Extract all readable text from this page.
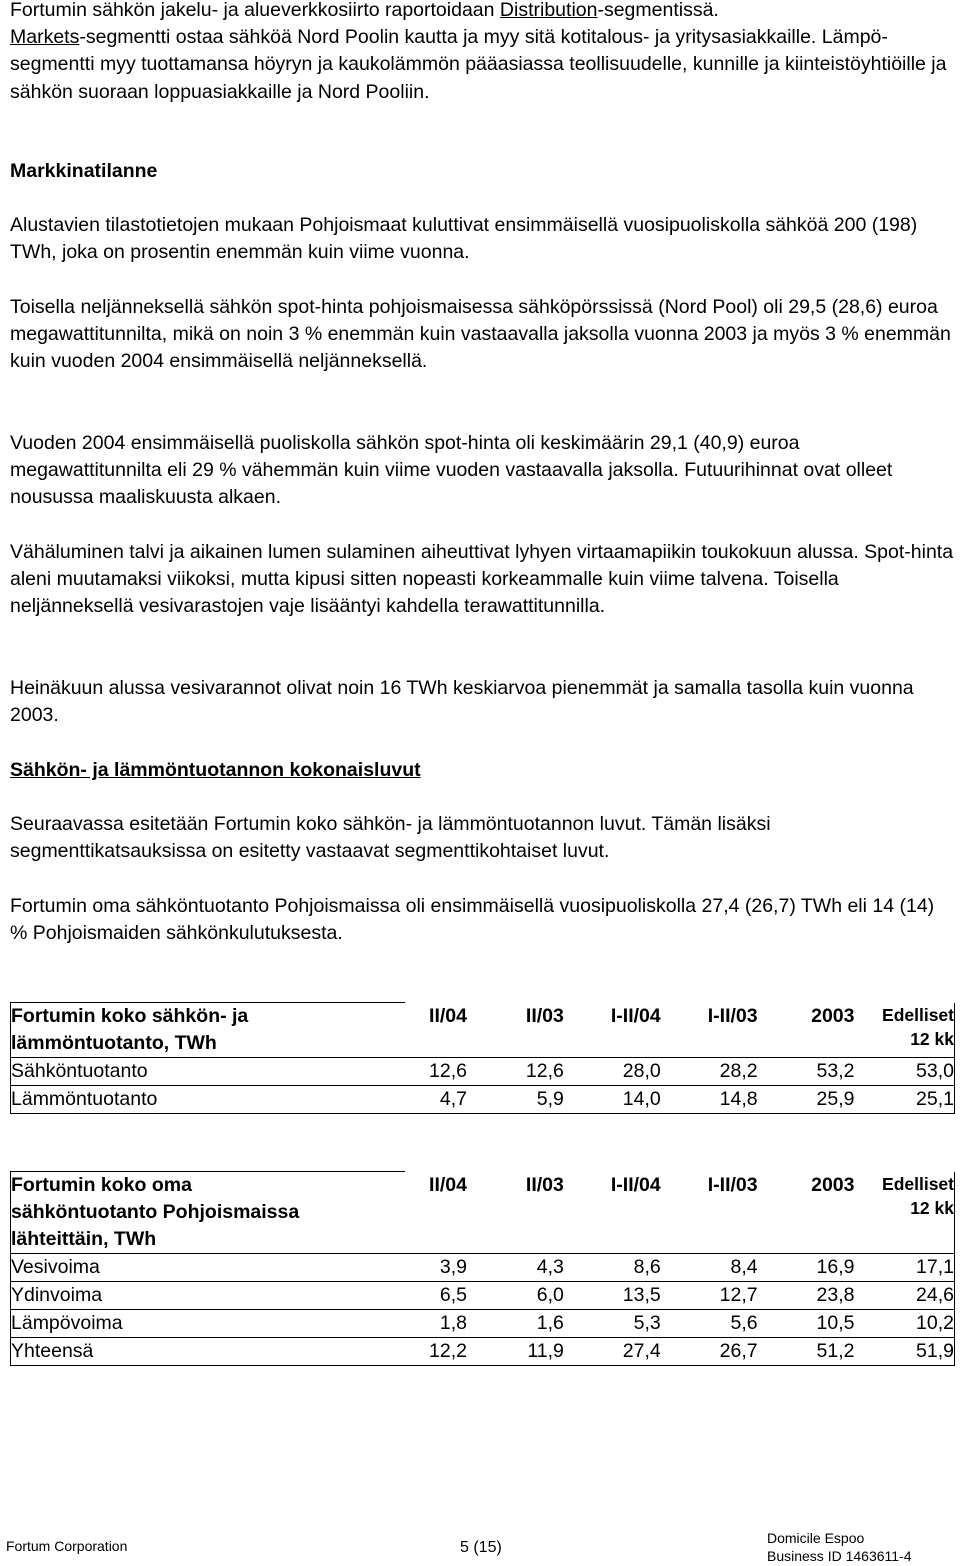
Fortumin sähkön jakelu- ja alueverkkosiirto raportoidaan Distribution-segmentissä.
Markets-segmentti ostaa sähköä Nord Poolin kautta ja myy sitä kotitalous- ja yritysasiakkaille. Lämpö-segmentti myy tuottamansa höyryn ja kaukolämmön pääasiassa teollisuudelle, kunnille ja kiinteistöyhtiöille ja sähkön suoraan loppuasiakkaille ja Nord Pooliin.

Markkinatilanne

Alustavien tilastotietojen mukaan Pohjoismaat kuluttivat ensimmäisellä vuosipuoliskolla sähköä 200 (198) TWh, joka on prosentin enemmän kuin viime vuonna.

Toisella neljänneksellä sähkön spot-hinta pohjoismaisessa sähköpörssissä (Nord Pool) oli 29,5 (28,6) euroa megawattitunnilta, mikä on noin 3 % enemmän kuin vastaavalla jaksolla vuonna 2003 ja myös 3 % enemmän kuin vuoden 2004 ensimmäisellä neljänneksellä.

Vuoden 2004 ensimmäisellä puoliskolla sähkön spot-hinta oli keskimäärin 29,1 (40,9) euroa megawattitunnilta eli 29 % vähemmän kuin viime vuoden vastaavalla jaksolla. Futuurihinnat ovat olleet nousussa maaliskuusta alkaen.

Vähäluminen talvi ja aikainen lumen sulaminen aiheuttivat lyhyen virtaamapiikin toukokuun alussa. Spot-hinta aleni muutamaksi viikoksi, mutta kipusi sitten nopeasti korkeammalle kuin viime talvena. Toisella neljänneksellä vesivarastojen vaje lisääntyi kahdella terawattitunnilla.

Heinäkuun alussa vesivarannot olivat noin 16 TWh keskiarvoa pienemmät ja samalla tasolla kuin vuonna 2003.

Sähkön- ja lämmöntuotannon kokonaisluvut

Seuraavassa esitetään Fortumin koko sähkön- ja lämmöntuotannon luvut. Tämän lisäksi segmenttikatsauksissa on esitetty vastaavat segmenttikohtaiset luvut.

Fortumin oma sähköntuotanto Pohjoismaissa oli ensimmäisellä vuosipuoliskolla 27,4 (26,7) TWh eli 14 (14) % Pohjoismaiden sähkönkulutuksesta.

Fortumin koko sähkön- ja
lämmöntuotanto, TWh	II/04	II/03	I-II/04	I-II/03	2003	Edelliset
12 kk
Sähköntuotanto	12,6	12,6	28,0	28,2	53,2	53,0
Lämmöntuotanto	4,7	5,9	14,0	14,8	25,9	25,1
Fortumin koko oma
sähköntuotanto Pohjoismaissa
lähteittäin, TWh	II/04	II/03	I-II/04	I-II/03	2003	Edelliset
12 kk
Vesivoima	3,9	4,3	8,6	8,4	16,9	17,1
Ydinvoima	6,5	6,0	13,5	12,7	23,8	24,6
Lämpövoima	1,8	1,6	5,3	5,6	10,5	10,2
Yhteensä	12,2	11,9	27,4	26,7	51,2	51,9
Fortum Corporation	5 (15)
Domicile Espoo
Business ID 1463611-4
